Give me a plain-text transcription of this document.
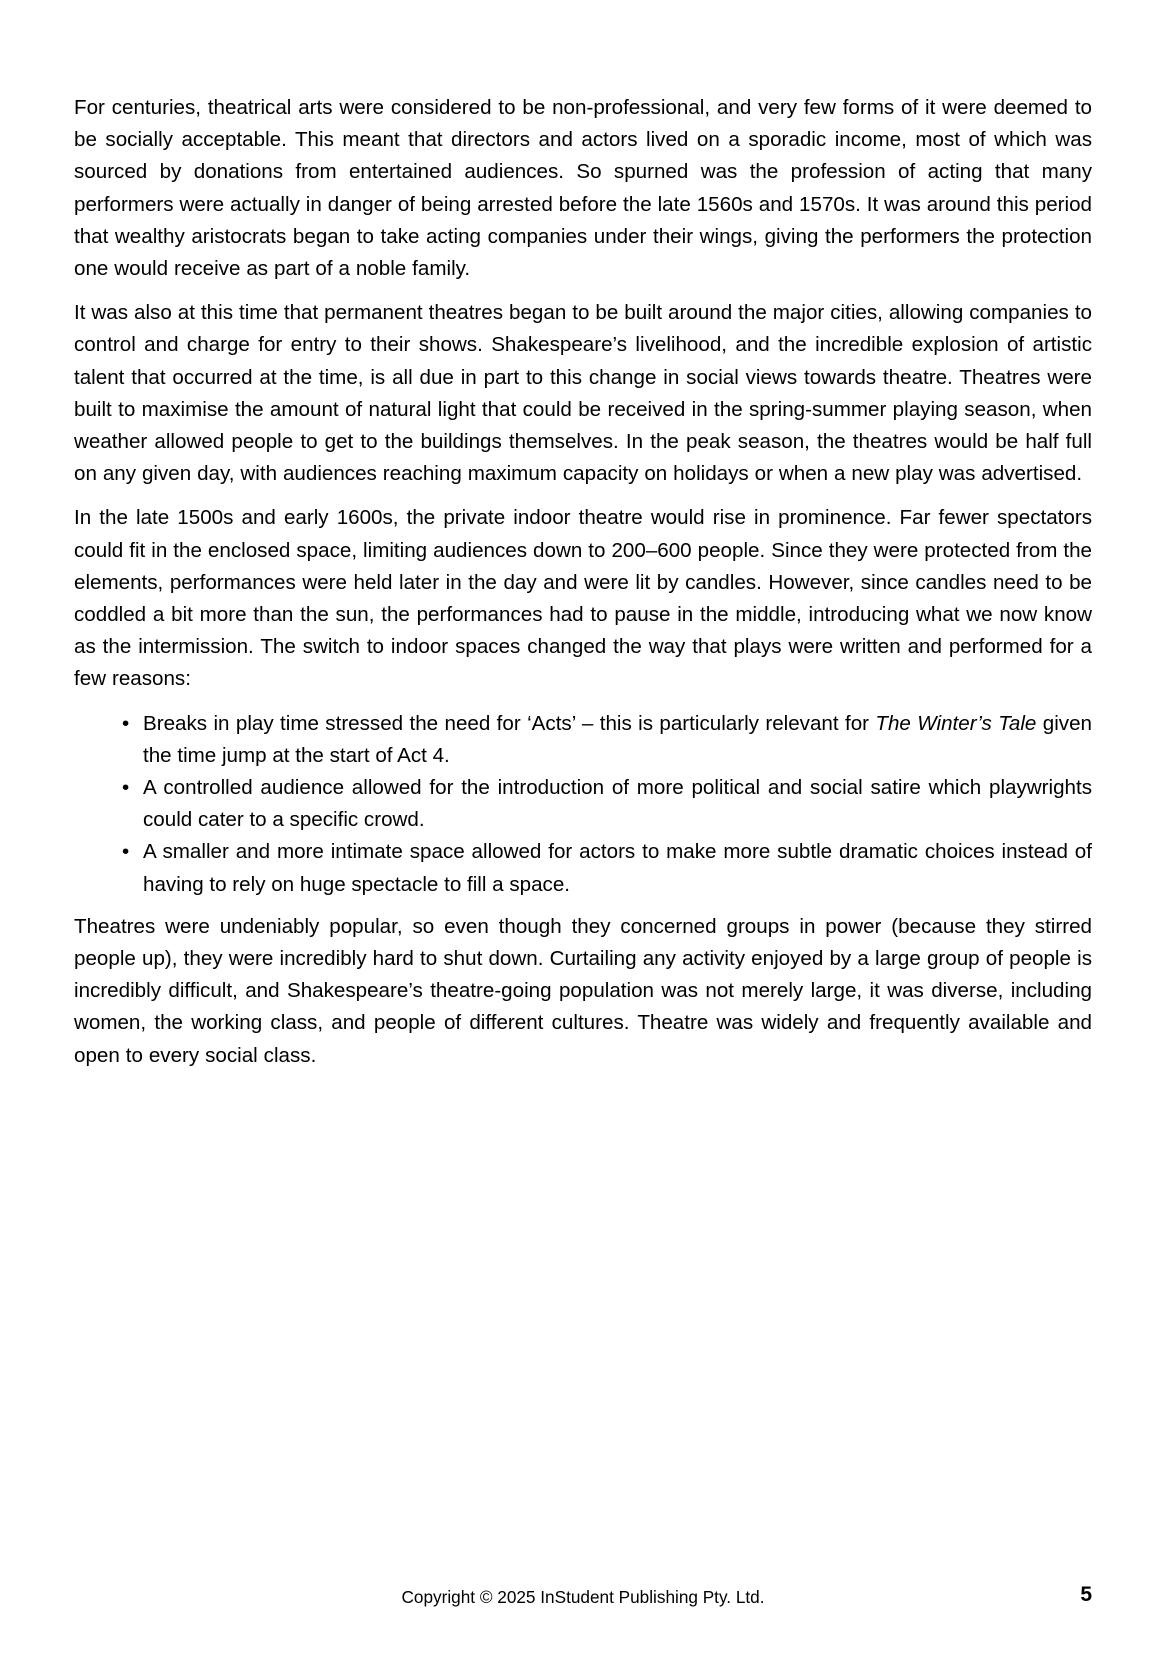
For centuries, theatrical arts were considered to be non-professional, and very few forms of it were deemed to be socially acceptable. This meant that directors and actors lived on a sporadic income, most of which was sourced by donations from entertained audiences. So spurned was the profession of acting that many performers were actually in danger of being arrested before the late 1560s and 1570s. It was around this period that wealthy aristocrats began to take acting companies under their wings, giving the performers the protection one would receive as part of a noble family.

It was also at this time that permanent theatres began to be built around the major cities, allowing companies to control and charge for entry to their shows. Shakespeare’s livelihood, and the incredible explosion of artistic talent that occurred at the time, is all due in part to this change in social views towards theatre. Theatres were built to maximise the amount of natural light that could be received in the spring-summer playing season, when weather allowed people to get to the buildings themselves. In the peak season, the theatres would be half full on any given day, with audiences reaching maximum capacity on holidays or when a new play was advertised.

In the late 1500s and early 1600s, the private indoor theatre would rise in prominence. Far fewer spectators could fit in the enclosed space, limiting audiences down to 200–600 people. Since they were protected from the elements, performances were held later in the day and were lit by candles. However, since candles need to be coddled a bit more than the sun, the performances had to pause in the middle, introducing what we now know as the intermission. The switch to indoor spaces changed the way that plays were written and performed for a few reasons:

• Breaks in play time stressed the need for ‘Acts’ – this is particularly relevant for The Winter’s Tale given the time jump at the start of Act 4.
• A controlled audience allowed for the introduction of more political and social satire which playwrights could cater to a specific crowd.
• A smaller and more intimate space allowed for actors to make more subtle dramatic choices instead of having to rely on huge spectacle to fill a space.

Theatres were undeniably popular, so even though they concerned groups in power (because they stirred people up), they were incredibly hard to shut down. Curtailing any activity enjoyed by a large group of people is incredibly difficult, and Shakespeare’s theatre-going population was not merely large, it was diverse, including women, the working class, and people of different cultures. Theatre was widely and frequently available and open to every social class.

Copyright © 2025 InStudent Publishing Pty. Ltd.	5
